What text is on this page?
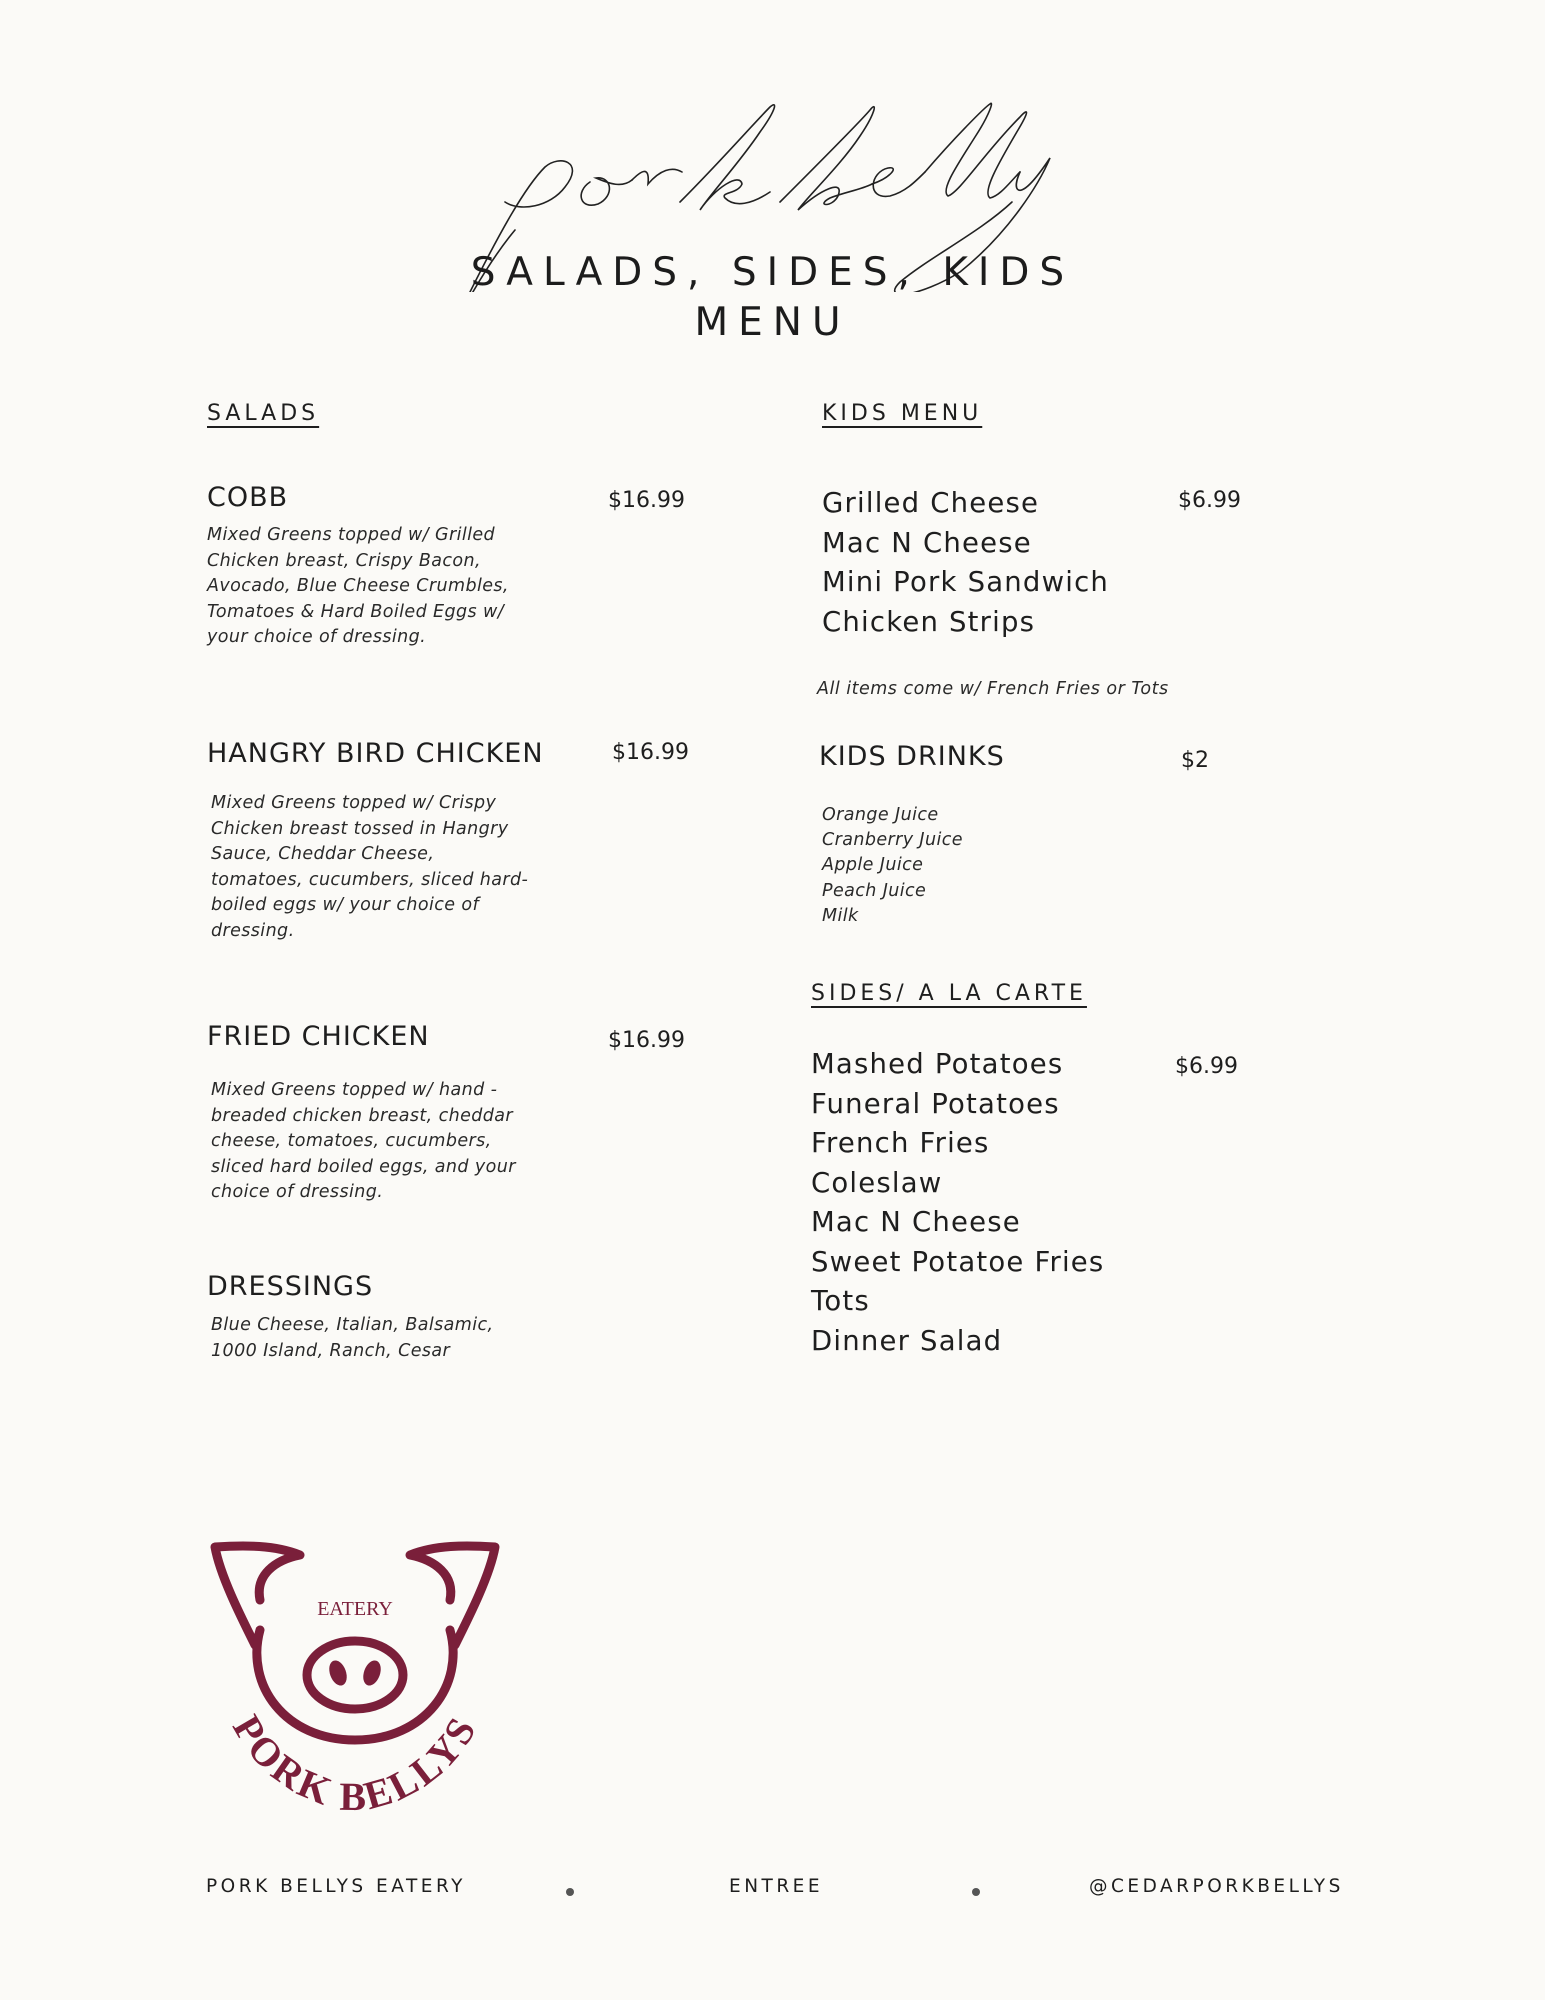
SALADS, SIDES, KIDS
MENU
SALADS
COBB	$16.99
Mixed Greens topped w/ Grilled
Chicken breast, Crispy Bacon,
Avocado, Blue Cheese Crumbles,
Tomatoes & Hard Boiled Eggs w/
your choice of dressing.
HANGRY BIRD CHICKEN	$16.99
Mixed Greens topped w/ Crispy
Chicken breast tossed in Hangry
Sauce, Cheddar Cheese,
tomatoes, cucumbers, sliced hard-
boiled eggs w/ your choice of
dressing.
FRIED CHICKEN	$16.99
Mixed Greens topped w/ hand -
breaded chicken breast, cheddar
cheese, tomatoes, cucumbers,
sliced hard boiled eggs, and your
choice of dressing.
DRESSINGS
Blue Cheese, Italian, Balsamic,
1000 Island, Ranch, Cesar
KIDS MENU
$6.99
Grilled Cheese
Mac N Cheese
Mini Pork Sandwich
Chicken Strips
All items come w/ French Fries or Tots
KIDS DRINKS	$2
Orange Juice
Cranberry Juice
Apple Juice
Peach Juice
Milk
SIDES/ A LA CARTE
$6.99
Mashed Potatoes
Funeral Potatoes
French Fries
Coleslaw
Mac N Cheese
Sweet Potatoe Fries
Tots
Dinner Salad
EATERY
PORK BELLYS
PORK BELLYS EATERY	ENTREE	@CEDARPORKBELLYS
